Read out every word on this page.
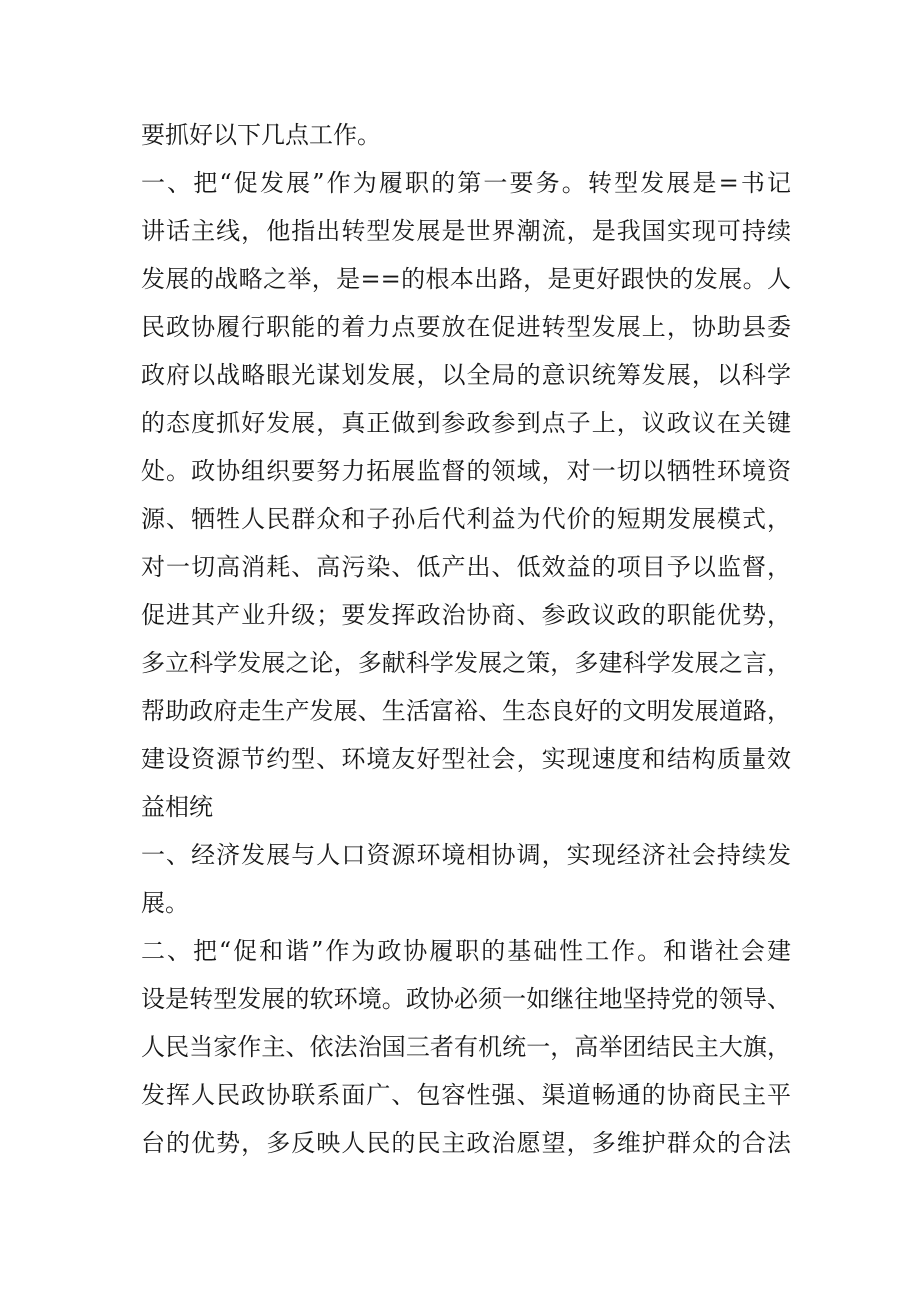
要抓好以下几点工作。
一、把“促发展”作为履职的第一要务。转型发展是=书记
讲话主线，他指出转型发展是世界潮流，是我国实现可持续
发展的战略之举，是==的根本出路，是更好跟快的发展。人
民政协履行职能的着力点要放在促进转型发展上，协助县委
政府以战略眼光谋划发展，以全局的意识统筹发展，以科学
的态度抓好发展，真正做到参政参到点子上，议政议在关键
处。政协组织要努力拓展监督的领域，对一切以牺牲环境资
源、牺牲人民群众和子孙后代利益为代价的短期发展模式，
对一切高消耗、高污染、低产出、低效益的项目予以监督，
促进其产业升级；要发挥政治协商、参政议政的职能优势，
多立科学发展之论，多献科学发展之策，多建科学发展之言，
帮助政府走生产发展、生活富裕、生态良好的文明发展道路，
建设资源节约型、环境友好型社会，实现速度和结构质量效
益相统
一、经济发展与人口资源环境相协调，实现经济社会持续发
展。
二、把“促和谐”作为政协履职的基础性工作。和谐社会建
设是转型发展的软环境。政协必须一如继往地坚持党的领导、
人民当家作主、依法治国三者有机统一，高举团结民主大旗，
发挥人民政协联系面广、包容性强、渠道畅通的协商民主平
台的优势，多反映人民的民主政治愿望，多维护群众的合法
